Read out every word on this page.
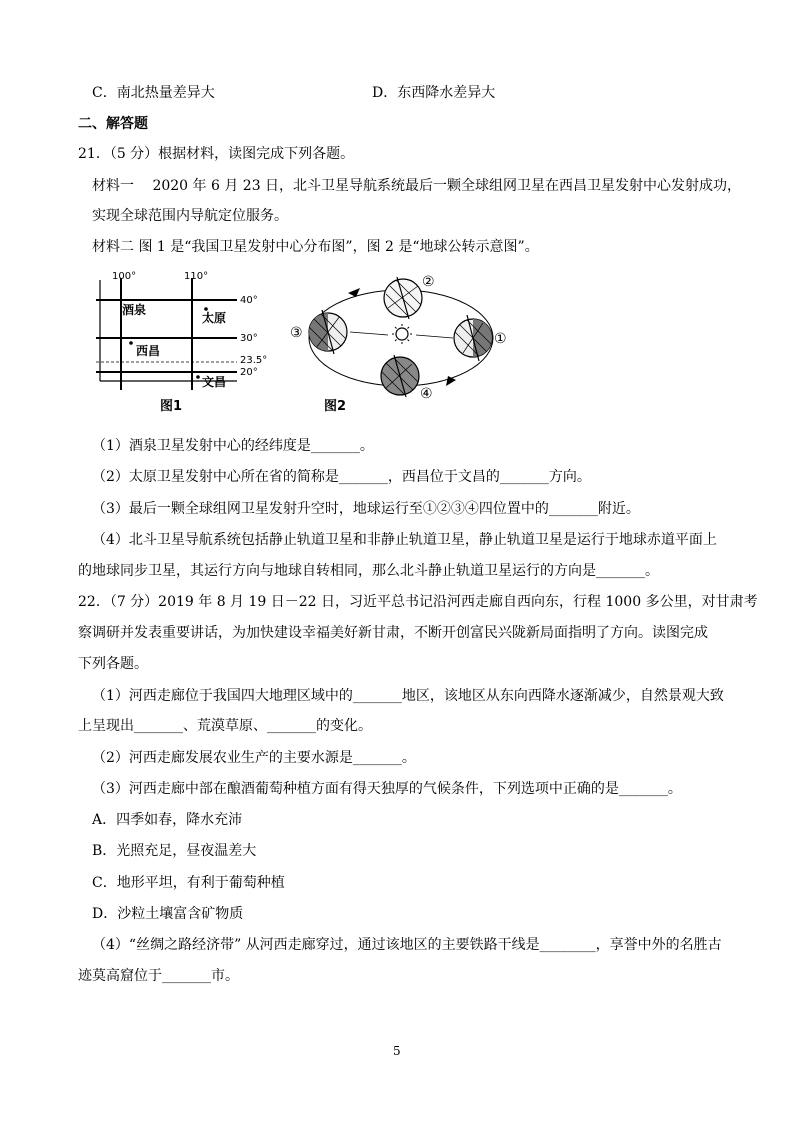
C．南北热量差异大	D．东西降水差异大
二、解答题
21．（5 分）根据材料，读图完成下列各题。
材料一　 2020 年 6 月 23 日，北斗卫星导航系统最后一颗全球组网卫星在西昌卫星发射中心发射成功，
实现全球范围内导航定位服务。
材料二 图 1 是“我国卫星发射中心分布图”，图 2 是“地球公转示意图”。
100°	110°
40°
30°
23.5°
20°
酒泉
太原
西昌
文昌
图1
①
②
③
④
图2
（1）酒泉卫星发射中心的经纬度是_______。
（2）太原卫星发射中心所在省的简称是_______，西昌位于文昌的_______方向。
（3）最后一颗全球组网卫星发射升空时，地球运行至①②③④四位置中的_______附近。
（4）北斗卫星导航系统包括静止轨道卫星和非静止轨道卫星，静止轨道卫星是运行于地球赤道平面上
的地球同步卫星，其运行方向与地球自转相同，那么北斗静止轨道卫星运行的方向是_______。
22．（7 分）2019 年 8 月 19 日－22 日，习近平总书记沿河西走廊自西向东，行程 1000 多公里，对甘肃考
察调研并发表重要讲话，为加快建设幸福美好新甘肃，不断开创富民兴陇新局面指明了方向。读图完成
下列各题。
（1）河西走廊位于我国四大地理区域中的_______地区，该地区从东向西降水逐渐减少，自然景观大致
上呈现出_______、荒漠草原、_______的变化。
（2）河西走廊发展农业生产的主要水源是_______。
（3）河西走廊中部在酿酒葡萄种植方面有得天独厚的气候条件，下列选项中正确的是_______。
A．四季如春，降水充沛
B．光照充足，昼夜温差大
C．地形平坦，有利于葡萄种植
D．沙粒土壤富含矿物质
（4）“丝绸之路经济带” 从河西走廊穿过，通过该地区的主要铁路干线是________，享誉中外的名胜古
迹莫高窟位于_______市。
5
